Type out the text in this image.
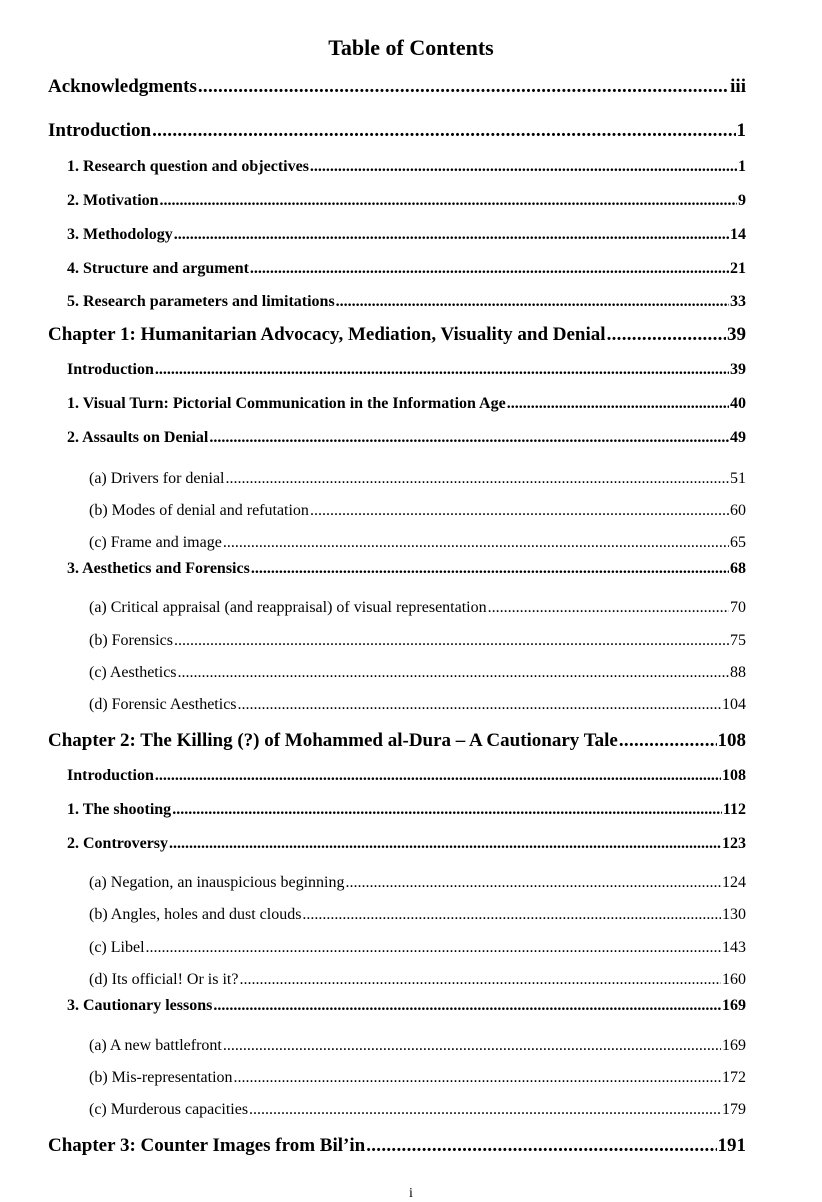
Table of Contents
Acknowledgments .....	iii
Introduction .....	1
1. Research question and objectives .....	1
2. Motivation .....	9
3. Methodology .....	14
4. Structure and argument .....	21
5. Research parameters and limitations .....	33
Chapter 1: Humanitarian Advocacy, Mediation, Visuality and Denial .....	39
Introduction .....	39
1. Visual Turn: Pictorial Communication in the Information Age .....	40
2. Assaults on Denial .....	49
(a) Drivers for denial .....	51
(b) Modes of denial and refutation .....	60
(c) Frame and image .....	65
3. Aesthetics and Forensics .....	68
(a) Critical appraisal (and reappraisal) of visual representation .....	70
(b) Forensics .....	75
(c) Aesthetics .....	88
(d) Forensic Aesthetics .....	104
Chapter 2: The Killing (?) of Mohammed al-Dura – A Cautionary Tale .....	108
Introduction .....	108
1. The shooting .....	112
2. Controversy .....	123
(a) Negation, an inauspicious beginning .....	124
(b) Angles, holes and dust clouds .....	130
(c) Libel .....	143
(d) Its official! Or is it? .....	160
3. Cautionary lessons .....	169
(a) A new battlefront .....	169
(b) Mis-representation .....	172
(c) Murderous capacities .....	179
Chapter 3: Counter Images from Bil’in .....	191
i
